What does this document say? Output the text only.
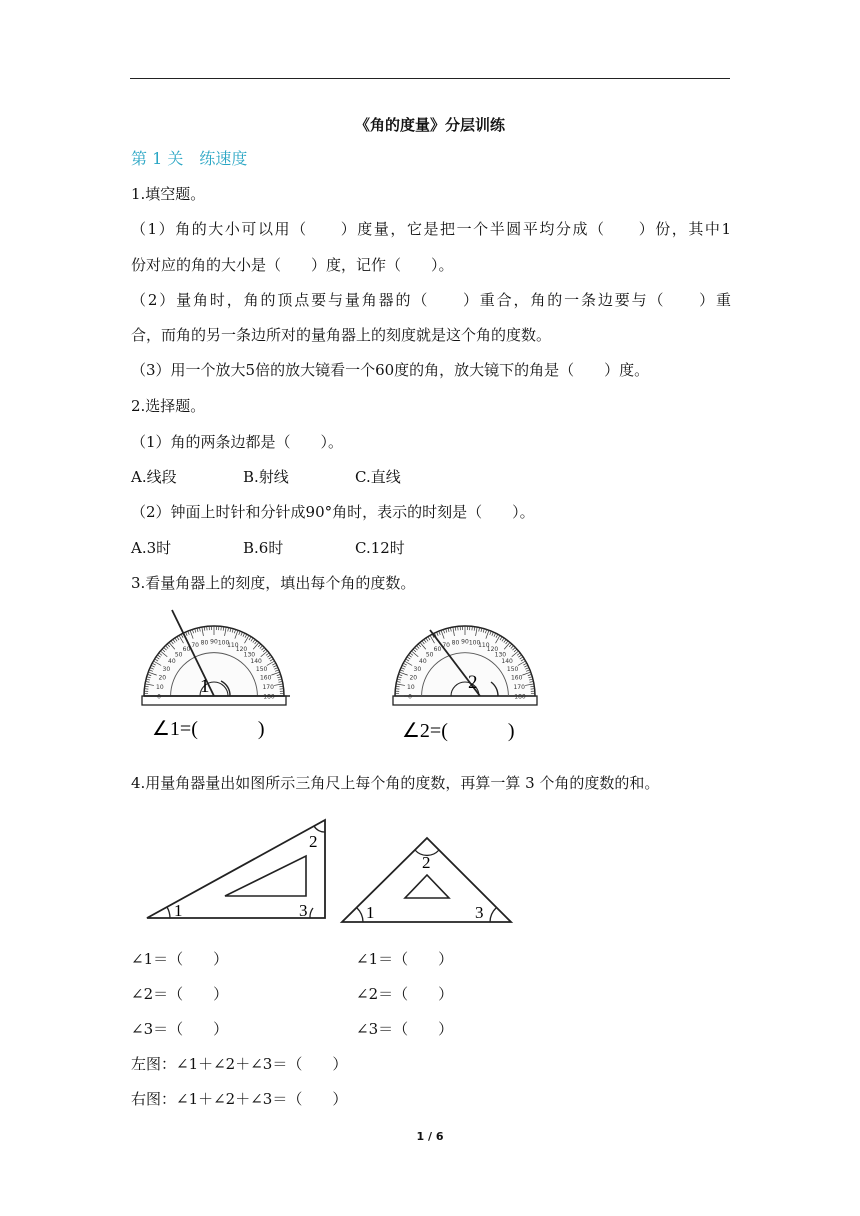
《角的度量》分层训练
第 1 关　练速度
1.填空题。
（1）角的大小可以用（　　）度量，它是把一个半圆平均分成（　　）份，其中1
份对应的角的大小是（　　）度，记作（　　）。
（2）量角时，角的顶点要与量角器的（　　）重合，角的一条边要与（　　）重
合，而角的另一条边所对的量角器上的刻度就是这个角的度数。
（3）用一个放大5倍的放大镜看一个60度的角，放大镜下的角是（　　）度。
2.选择题。
（1）角的两条边都是（　　）。
A.线段	B.射线	C.直线
（2）钟面上时针和分针成90°角时，表示的时刻是（　　）。
A.3时	B.6时	C.12时
3.看量角器上的刻度，填出每个角的度数。
0
10
20
30
40
50
60
70 80 90 100
110
120
130
140
150
160
170
180	0
10
20
30
40
50
60
70 80 90 100
110
120
130
140
150
160
170
180
1
∠1=(　　　)
2
∠2=(　　　)
4.用量角器量出如图所示三角尺上每个角的度数，再算一算 3 个角的度数的和。
1
2
3	1
2
3
∠1＝（　　）
∠2＝（　　）
∠3＝（　　）
∠1＝（　　）
∠2＝（　　）
∠3＝（　　）
左图：∠1＋∠2＋∠3＝（　　）
右图：∠1＋∠2＋∠3＝（　　）
1 / 6
